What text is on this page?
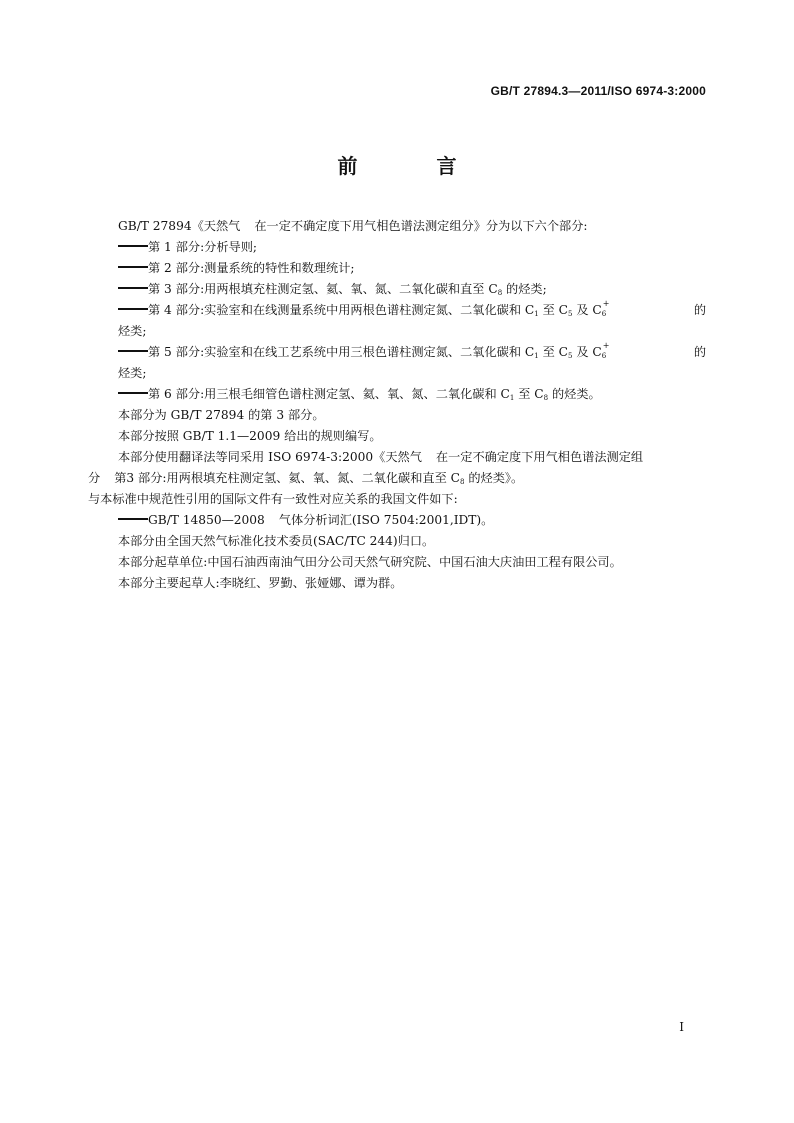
GB/T 27894.3—2011/ISO 6974-3:2000
前 言
GB/T 27894《天然气 在一定不确定度下用气相色谱法测定组分》分为以下六个部分:
第 1 部分:分析导则;
第 2 部分:测量系统的特性和数理统计;
第 3 部分:用两根填充柱测定氢、氦、氧、氮、二氧化碳和直至 $C_8$ 的烃类;
第 4 部分:实验室和在线测量系统中用两根色谱柱测定氮、二氧化碳和 $C_1$ 至 $C_5$ 及 C +
6	的
烃类;
第 5 部分:实验室和在线工艺系统中用三根色谱柱测定氮、二氧化碳和 $C_1$ 至 $C_5$ 及 C +
6	的
烃类;
第 6 部分:用三根毛细管色谱柱测定氢、氦、氧、氮、二氧化碳和 $C_1$ 至 $C_8$ 的烃类。
本部分为 GB/T 27894 的第 3 部分。
本部分按照 GB/T 1.1—2009 给出的规则编写。
本部分使用翻译法等同采用 ISO 6974-3:2000《天然气 在一定不确定度下用气相色谱法测定组
分 第3 部分:用两根填充柱测定氢、氦、氧、氮、二氧化碳和直至 $C_8$ 的烃类》。
与本标准中规范性引用的国际文件有一致性对应关系的我国文件如下:
GB/T 14850—2008 气体分析词汇(ISO 7504:2001,IDT)。
本部分由全国天然气标准化技术委员(SAC/TC 244)归口。
本部分起草单位:中国石油西南油气田分公司天然气研究院、中国石油大庆油田工程有限公司。
本部分主要起草人:李晓红、罗勤、张娅娜、谭为群。
I
